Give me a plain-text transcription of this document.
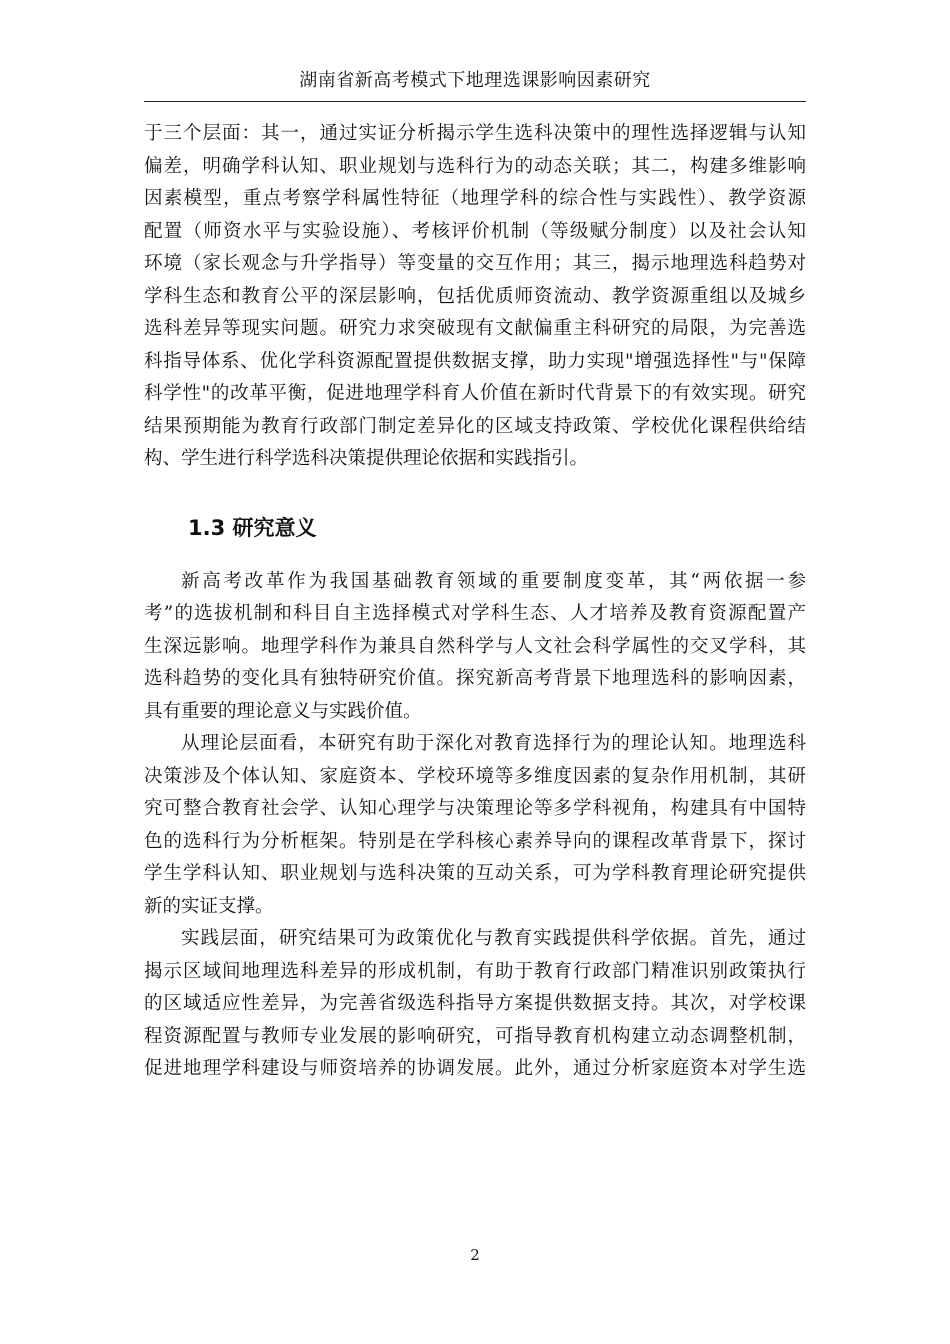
湖南省新高考模式下地理选课影响因素研究
于三个层面：其一，通过实证分析揭示学生选科决策中的理性选择逻辑与认知
偏差，明确学科认知、职业规划与选科行为的动态关联；其二，构建多维影响
因素模型，重点考察学科属性特征（地理学科的综合性与实践性）、教学资源
配置（师资水平与实验设施）、考核评价机制（等级赋分制度）以及社会认知
环境（家长观念与升学指导）等变量的交互作用；其三，揭示地理选科趋势对
学科生态和教育公平的深层影响，包括优质师资流动、教学资源重组以及城乡
选科差异等现实问题。研究力求突破现有文献偏重主科研究的局限，为完善选
科指导体系、优化学科资源配置提供数据支撑，助力实现"增强选择性"与"保障
科学性"的改革平衡，促进地理学科育人价值在新时代背景下的有效实现。研究
结果预期能为教育行政部门制定差异化的区域支持政策、学校优化课程供给结
构、学生进行科学选科决策提供理论依据和实践指引。
1.3 研究意义
新高考改革作为我国基础教育领域的重要制度变革，其“两依据一参
考”的选拔机制和科目自主选择模式对学科生态、人才培养及教育资源配置产
生深远影响。地理学科作为兼具自然科学与人文社会科学属性的交叉学科，其
选科趋势的变化具有独特研究价值。探究新高考背景下地理选科的影响因素，
具有重要的理论意义与实践价值。
从理论层面看，本研究有助于深化对教育选择行为的理论认知。地理选科
决策涉及个体认知、家庭资本、学校环境等多维度因素的复杂作用机制，其研
究可整合教育社会学、认知心理学与决策理论等多学科视角，构建具有中国特
色的选科行为分析框架。特别是在学科核心素养导向的课程改革背景下，探讨
学生学科认知、职业规划与选科决策的互动关系，可为学科教育理论研究提供
新的实证支撑。
实践层面，研究结果可为政策优化与教育实践提供科学依据。首先，通过
揭示区域间地理选科差异的形成机制，有助于教育行政部门精准识别政策执行
的区域适应性差异，为完善省级选科指导方案提供数据支持。其次，对学校课
程资源配置与教师专业发展的影响研究，可指导教育机构建立动态调整机制，
促进地理学科建设与师资培养的协调发展。此外，通过分析家庭资本对学生选
2
